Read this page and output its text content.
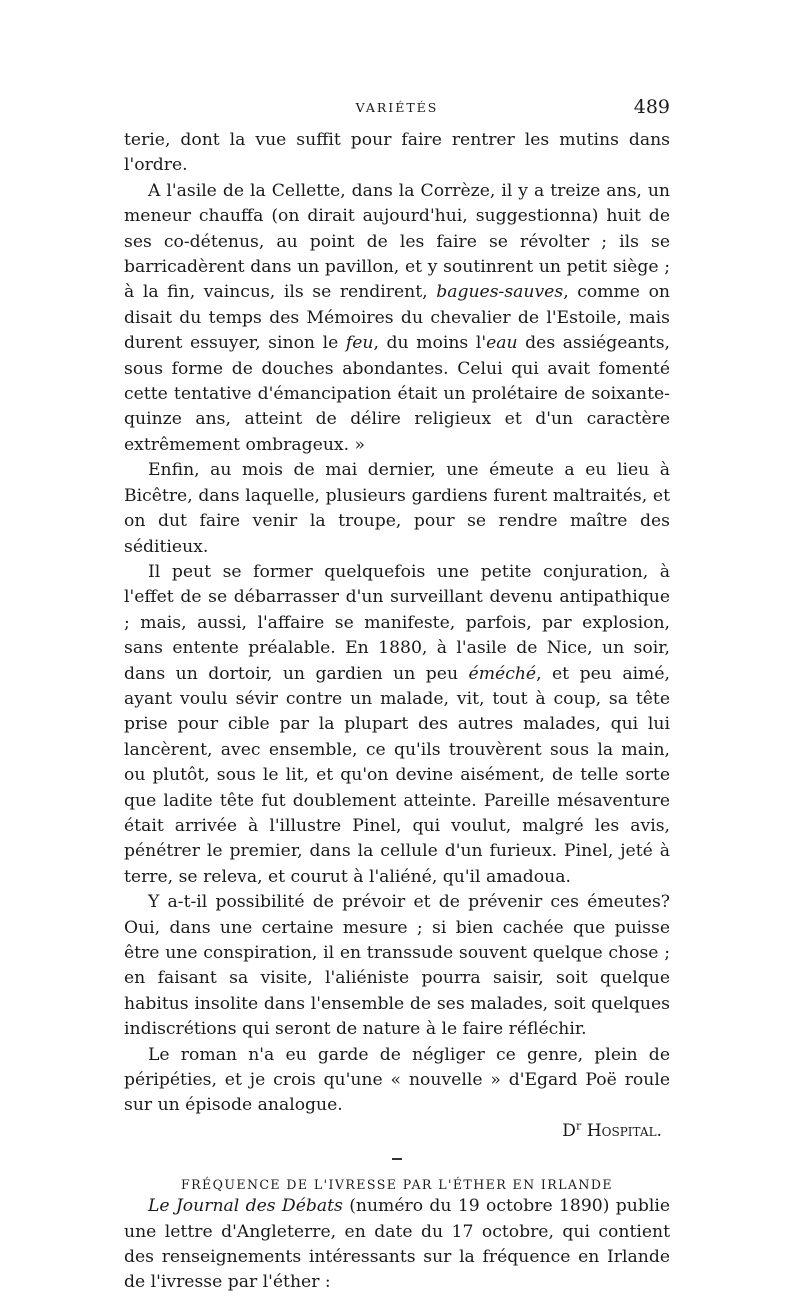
VARIÉTÉS	489

terie, dont la vue suffit pour faire rentrer les mutins dans l'ordre.

A l'asile de la Cellette, dans la Corrèze, il y a treize ans, un meneur chauffa (on dirait aujourd'hui, suggestionna) huit de ses co-détenus, au point de les faire se révolter ; ils se barricadèrent dans un pavillon, et y soutinrent un petit siège ; à la fin, vaincus, ils se rendirent, bagues-sauves, comme on disait du temps des Mémoires du chevalier de l'Estoile, mais durent essuyer, sinon le feu, du moins l'eau des assiégeants, sous forme de douches abondantes. Celui qui avait fomenté cette tentative d'émancipation était un prolétaire de soixante-quinze ans, atteint de délire religieux et d'un caractère extrêmement ombrageux. »

Enfin, au mois de mai dernier, une émeute a eu lieu à Bicêtre, dans laquelle, plusieurs gardiens furent maltraités, et on dut faire venir la troupe, pour se rendre maître des séditieux.

Il peut se former quelquefois une petite conjuration, à l'effet de se débarrasser d'un surveillant devenu antipathique ; mais, aussi, l'affaire se manifeste, parfois, par explosion, sans entente préalable. En 1880, à l'asile de Nice, un soir, dans un dortoir, un gardien un peu éméché, et peu aimé, ayant voulu sévir contre un malade, vit, tout à coup, sa tête prise pour cible par la plupart des autres malades, qui lui lancèrent, avec ensemble, ce qu'ils trouvèrent sous la main, ou plutôt, sous le lit, et qu'on devine aisément, de telle sorte que ladite tête fut doublement atteinte. Pareille mésaventure était arrivée à l'illustre Pinel, qui voulut, malgré les avis, pénétrer le premier, dans la cellule d'un furieux. Pinel, jeté à terre, se releva, et courut à l'aliéné, qu'il amadoua.

Y a-t-il possibilité de prévoir et de prévenir ces émeutes? Oui, dans une certaine mesure ; si bien cachée que puisse être une conspiration, il en transsude souvent quelque chose ; en faisant sa visite, l'aliéniste pourra saisir, soit quelque habitus insolite dans l'ensemble de ses malades, soit quelques indiscrétions qui seront de nature à le faire réfléchir.

Le roman n'a eu garde de négliger ce genre, plein de péripéties, et je crois qu'une « nouvelle » d'Egard Poë roule sur un épisode analogue.

$D^r$ Hospital.
FRÉQUENCE DE L'IVRESSE PAR L'ÉTHER EN IRLANDE

Le Journal des Débats (numéro du 19 octobre 1890) publie une lettre d'Angleterre, en date du 17 octobre, qui contient des renseignements intéressants sur la fréquence en Irlande de l'ivresse par l'éther :
